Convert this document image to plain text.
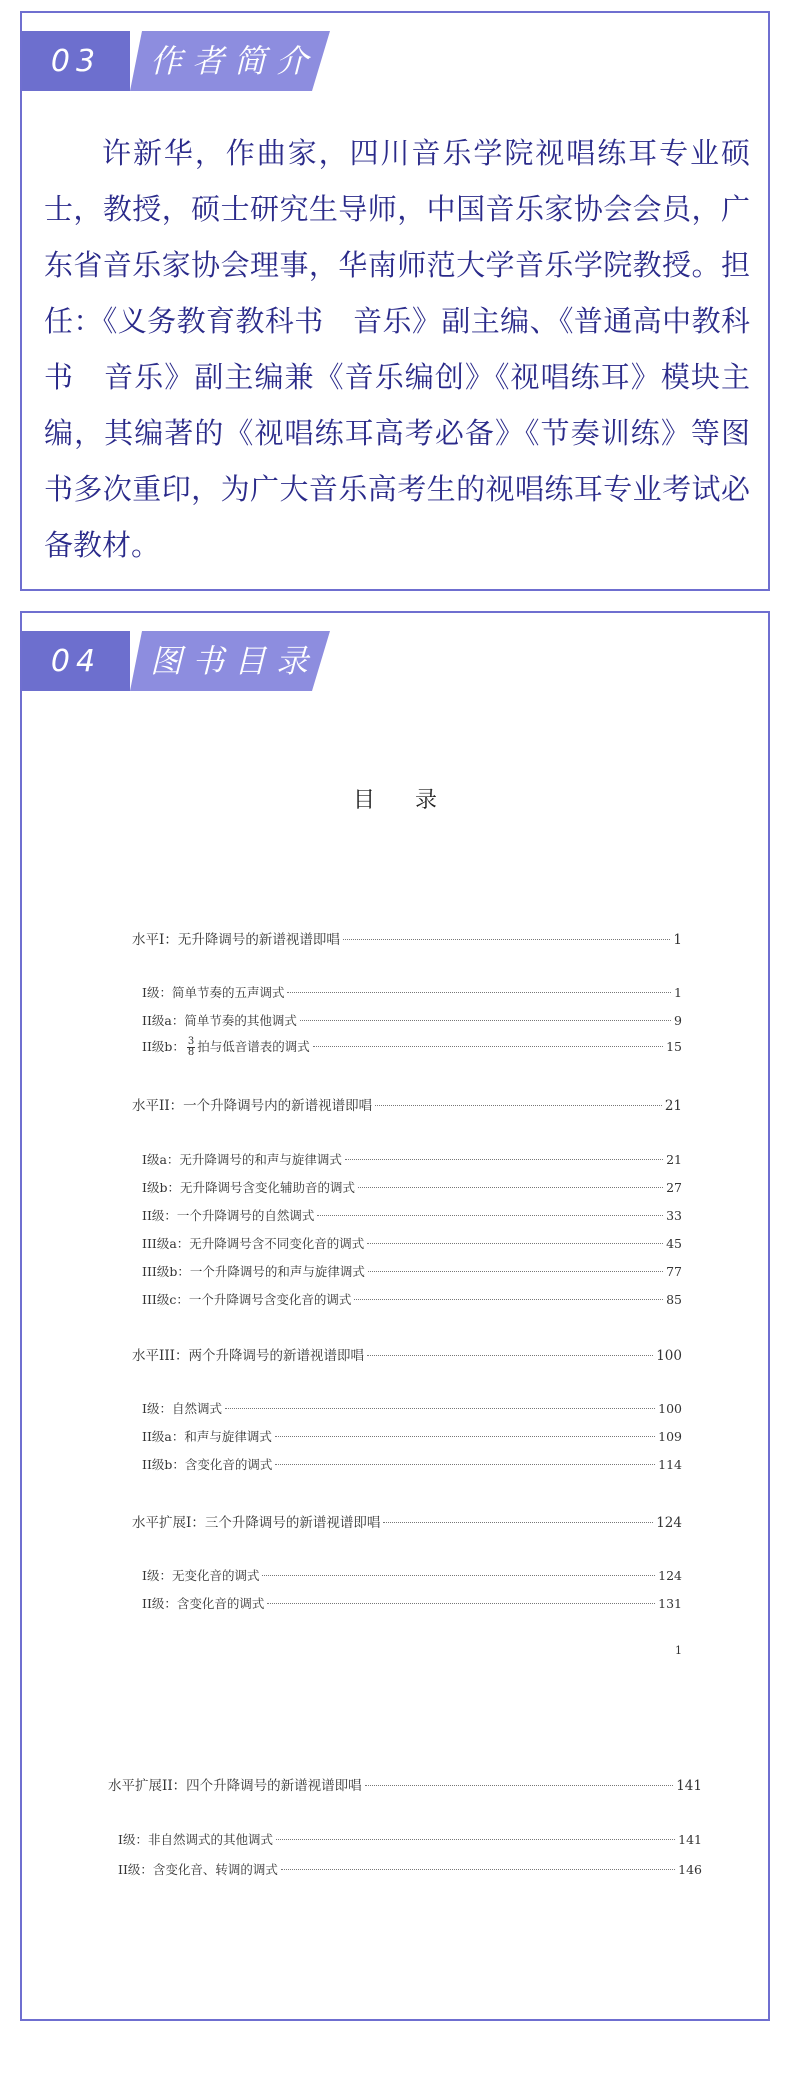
03	作者简介

许新华，作曲家，四川音乐学院视唱练耳专业硕士，教授，硕士研究生导师，中国音乐家协会会员，广东省音乐家协会理事，华南师范大学音乐学院教授。担任：《义务教育教科书　音乐》副主编、《普通高中教科书　音乐》副主编兼《音乐编创》《视唱练耳》模块主编，其编著的《视唱练耳高考必备》《节奏训练》等图书多次重印，为广大音乐高考生的视唱练耳专业考试必备教材。

04	图书目录
目录
水平I：无升降调号的新谱视谱即唱	1
I级：简单节奏的五声调式	1
II级a：简单节奏的其他调式	9
II级b： $\frac{3}{8}$ 拍与低音谱表的调式	15
水平II：一个升降调号内的新谱视谱即唱	21
I级a：无升降调号的和声与旋律调式	21
I级b：无升降调号含变化辅助音的调式	27
II级：一个升降调号的自然调式	33
III级a：无升降调号含不同变化音的调式	45
III级b：一个升降调号的和声与旋律调式	77
III级c：一个升降调号含变化音的调式	85
水平III：两个升降调号的新谱视谱即唱	100
I级：自然调式	100
II级a：和声与旋律调式	109
II级b：含变化音的调式	114
水平扩展I：三个升降调号的新谱视谱即唱	124
I级：无变化音的调式	124
II级：含变化音的调式	131
1
水平扩展II：四个升降调号的新谱视谱即唱	141
I级：非自然调式的其他调式	141
II级：含变化音、转调的调式	146
